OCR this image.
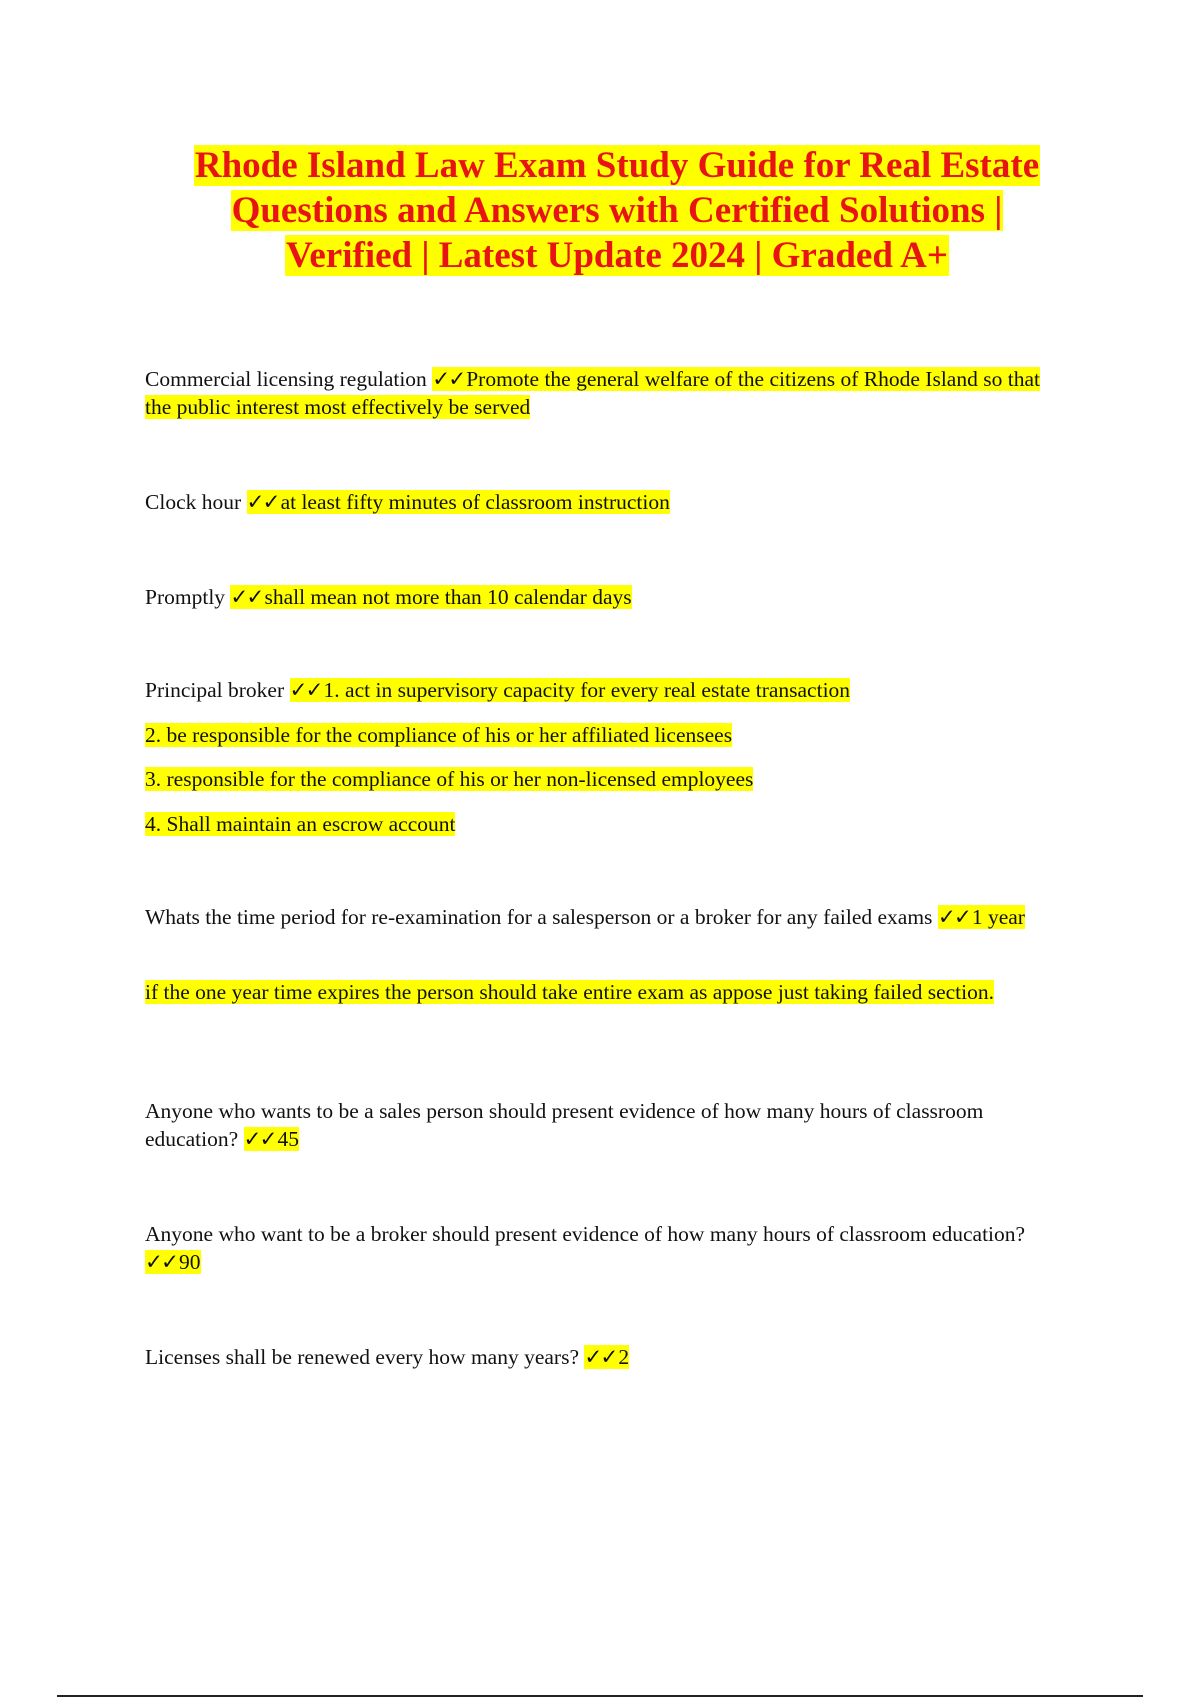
Rhode Island Law Exam Study Guide for Real Estate
Questions and Answers with Certified Solutions |
Verified | Latest Update 2024 | Graded A+
Commercial licensing regulation ✓✓Promote the general welfare of the citizens of Rhode Island so that the public interest most effectively be served
Clock hour ✓✓at least fifty minutes of classroom instruction
Promptly ✓✓shall mean not more than 10 calendar days
Principal broker ✓✓1. act in supervisory capacity for every real estate transaction
2. be responsible for the compliance of his or her affiliated licensees
3. responsible for the compliance of his or her non-licensed employees
4. Shall maintain an escrow account
Whats the time period for re-examination for a salesperson or a broker for any failed exams ✓✓1 year
if the one year time expires the person should take entire exam as appose just taking failed section.
Anyone who wants to be a sales person should present evidence of how many hours of classroom education? ✓✓45
Anyone who want to be a broker should present evidence of how many hours of classroom education? ✓✓90
Licenses shall be renewed every how many years? ✓✓2
